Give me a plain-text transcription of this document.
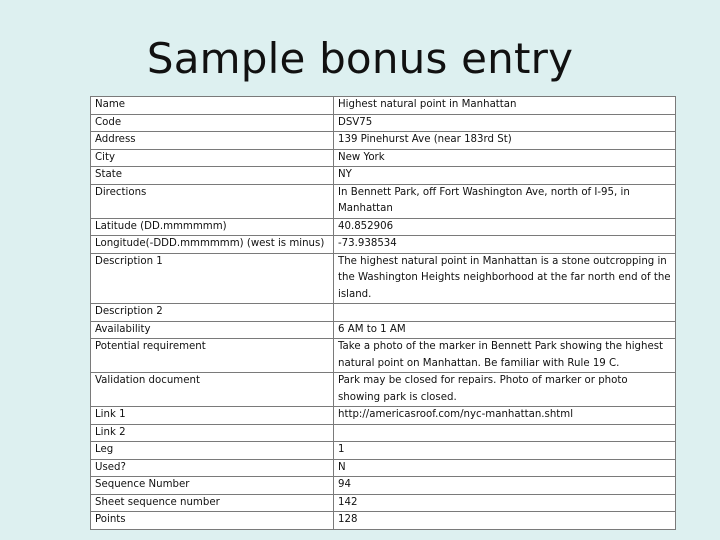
Sample bonus entry
Name	Highest natural point in Manhattan
Code	DSV75
Address	139 Pinehurst Ave (near 183rd St)
City	New York
State	NY
Directions	In Bennett Park, off Fort Washington Ave, north of I-95, in Manhattan
Latitude (DD.mmmmmm)	40.852906
Longitude(-DDD.mmmmmm) (west is minus)	-73.938534
Description 1	The highest natural point in Manhattan is a stone outcropping in the Washington Heights neighborhood at the far north end of the island.
Description 2	
Availability	6 AM to 1 AM
Potential requirement	Take a photo of the marker in Bennett Park showing the highest natural point on Manhattan. Be familiar with Rule 19 C.
Validation document	Park may be closed for repairs. Photo of marker or photo showing park is closed.
Link 1	http://americasroof.com/nyc-manhattan.shtml
Link 2	
Leg	1
Used?	N
Sequence Number	94
Sheet sequence number	142
Points	128
